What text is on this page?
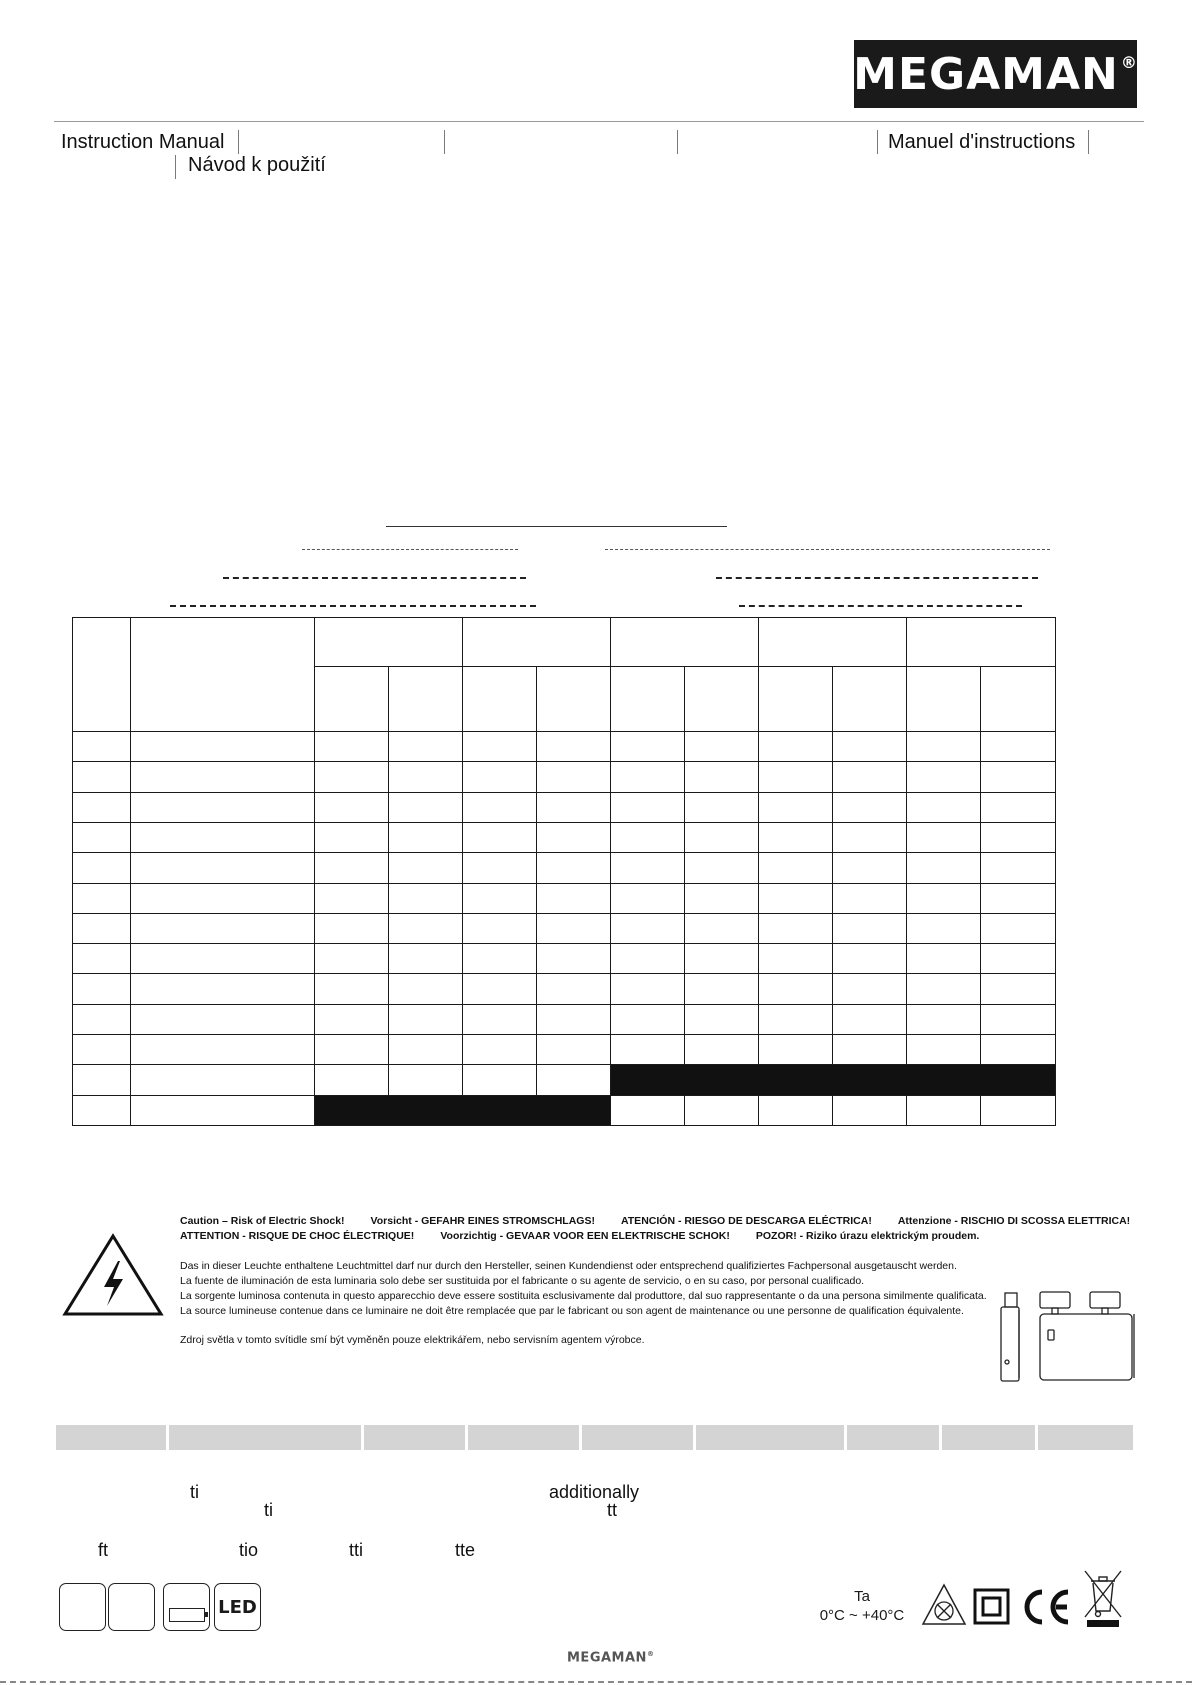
MEGAMAN®
Instruction Manual	Manuel d'instructions
Návod k použití

Caution – Risk of Electric Shock! Vorsicht - GEFAHR EINES STROMSCHLAGS! ATENCIÓN - RIESGO DE DESCARGA ELÉCTRICA! Attenzione - RISCHIO DI SCOSSA ELETTRICA!
ATTENTION - RISQUE DE CHOC ÉLECTRIQUE! Voorzichtig - GEVAAR VOOR EEN ELEKTRISCHE SCHOK! POZOR! - Riziko úrazu elektrickým proudem.
Das in dieser Leuchte enthaltene Leuchtmittel darf nur durch den Hersteller, seinen Kundendienst oder entsprechend qualifiziertes Fachpersonal ausgetauscht werden.
La fuente de iluminación de esta luminaria solo debe ser sustituida por el fabricante o su agente de servicio, o en su caso, por personal cualificado.
La sorgente luminosa contenuta in questo apparecchio deve essere sostituita esclusivamente dal produttore, dal suo rappresentante o da una persona similmente qualificata.
La source lumineuse contenue dans ce luminaire ne doit être remplacée que par le fabricant ou son agent de maintenance ou une personne de qualification équivalente.
Zdroj světla v tomto svítidle smí být vyměněn pouze elektrikářem, nebo servisním agentem výrobce.
ti	additionally
ti	tt
ft	tio	tti	tte
LED	Ta
0°C ~ +40°C
MEGAMAN®
